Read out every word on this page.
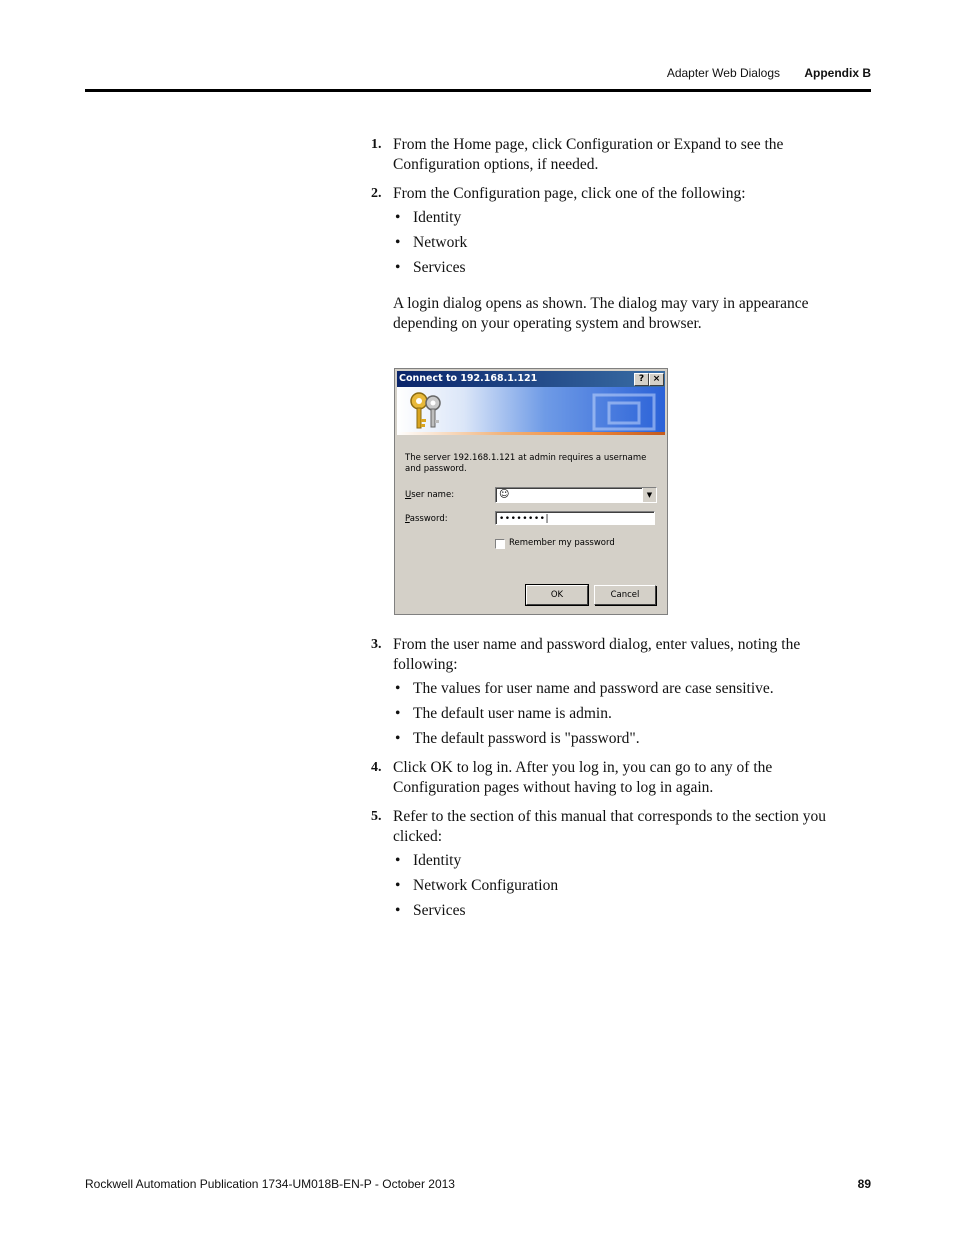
Adapter Web Dialogs Appendix B
1. From the Home page, click Configuration or Expand to see the Configuration options, if needed.
2. From the Configuration page, click one of the following:
• Identity
• Network
• Services

A login dialog opens as shown. The dialog may vary in appearance depending on your operating system and browser.

Connect to 192.168.1.121	? ×
The server 192.168.1.121 at admin requires a username and password.
User name:	☺	▼
Password:	••••••••|
Remember my password
OK	Cancel
3. From the user name and password dialog, enter values, noting the following:
• The values for user name and password are case sensitive.
• The default user name is admin.
• The default password is "password".
4. Click OK to log in. After you log in, you can go to any of the Configuration pages without having to log in again.
5. Refer to the section of this manual that corresponds to the section you clicked:
• Identity
• Network Configuration
• Services
Rockwell Automation Publication 1734-UM018B-EN-P - October 2013	89
